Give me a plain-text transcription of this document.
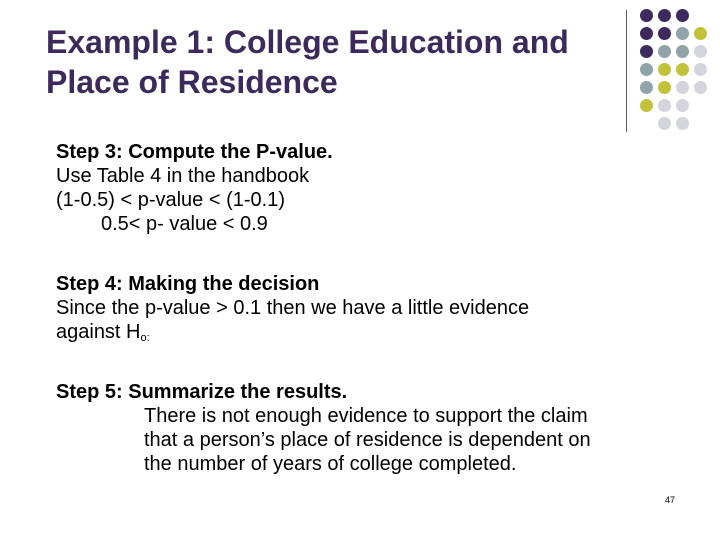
Example 1: College Education and
Place of Residence
Step 3: Compute the P-value.
Use Table 4 in the handbook
(1-0.5) < p-value < (1-0.1)
0.5< p- value < 0.9
Step 4: Making the decision
Since the p-value > 0.1 then we have a little evidence
against $H_{o:}$
Step 5: Summarize the results.
There is not enough evidence to support the claim
that a person’s place of residence is dependent on
the number of years of college completed.
47
